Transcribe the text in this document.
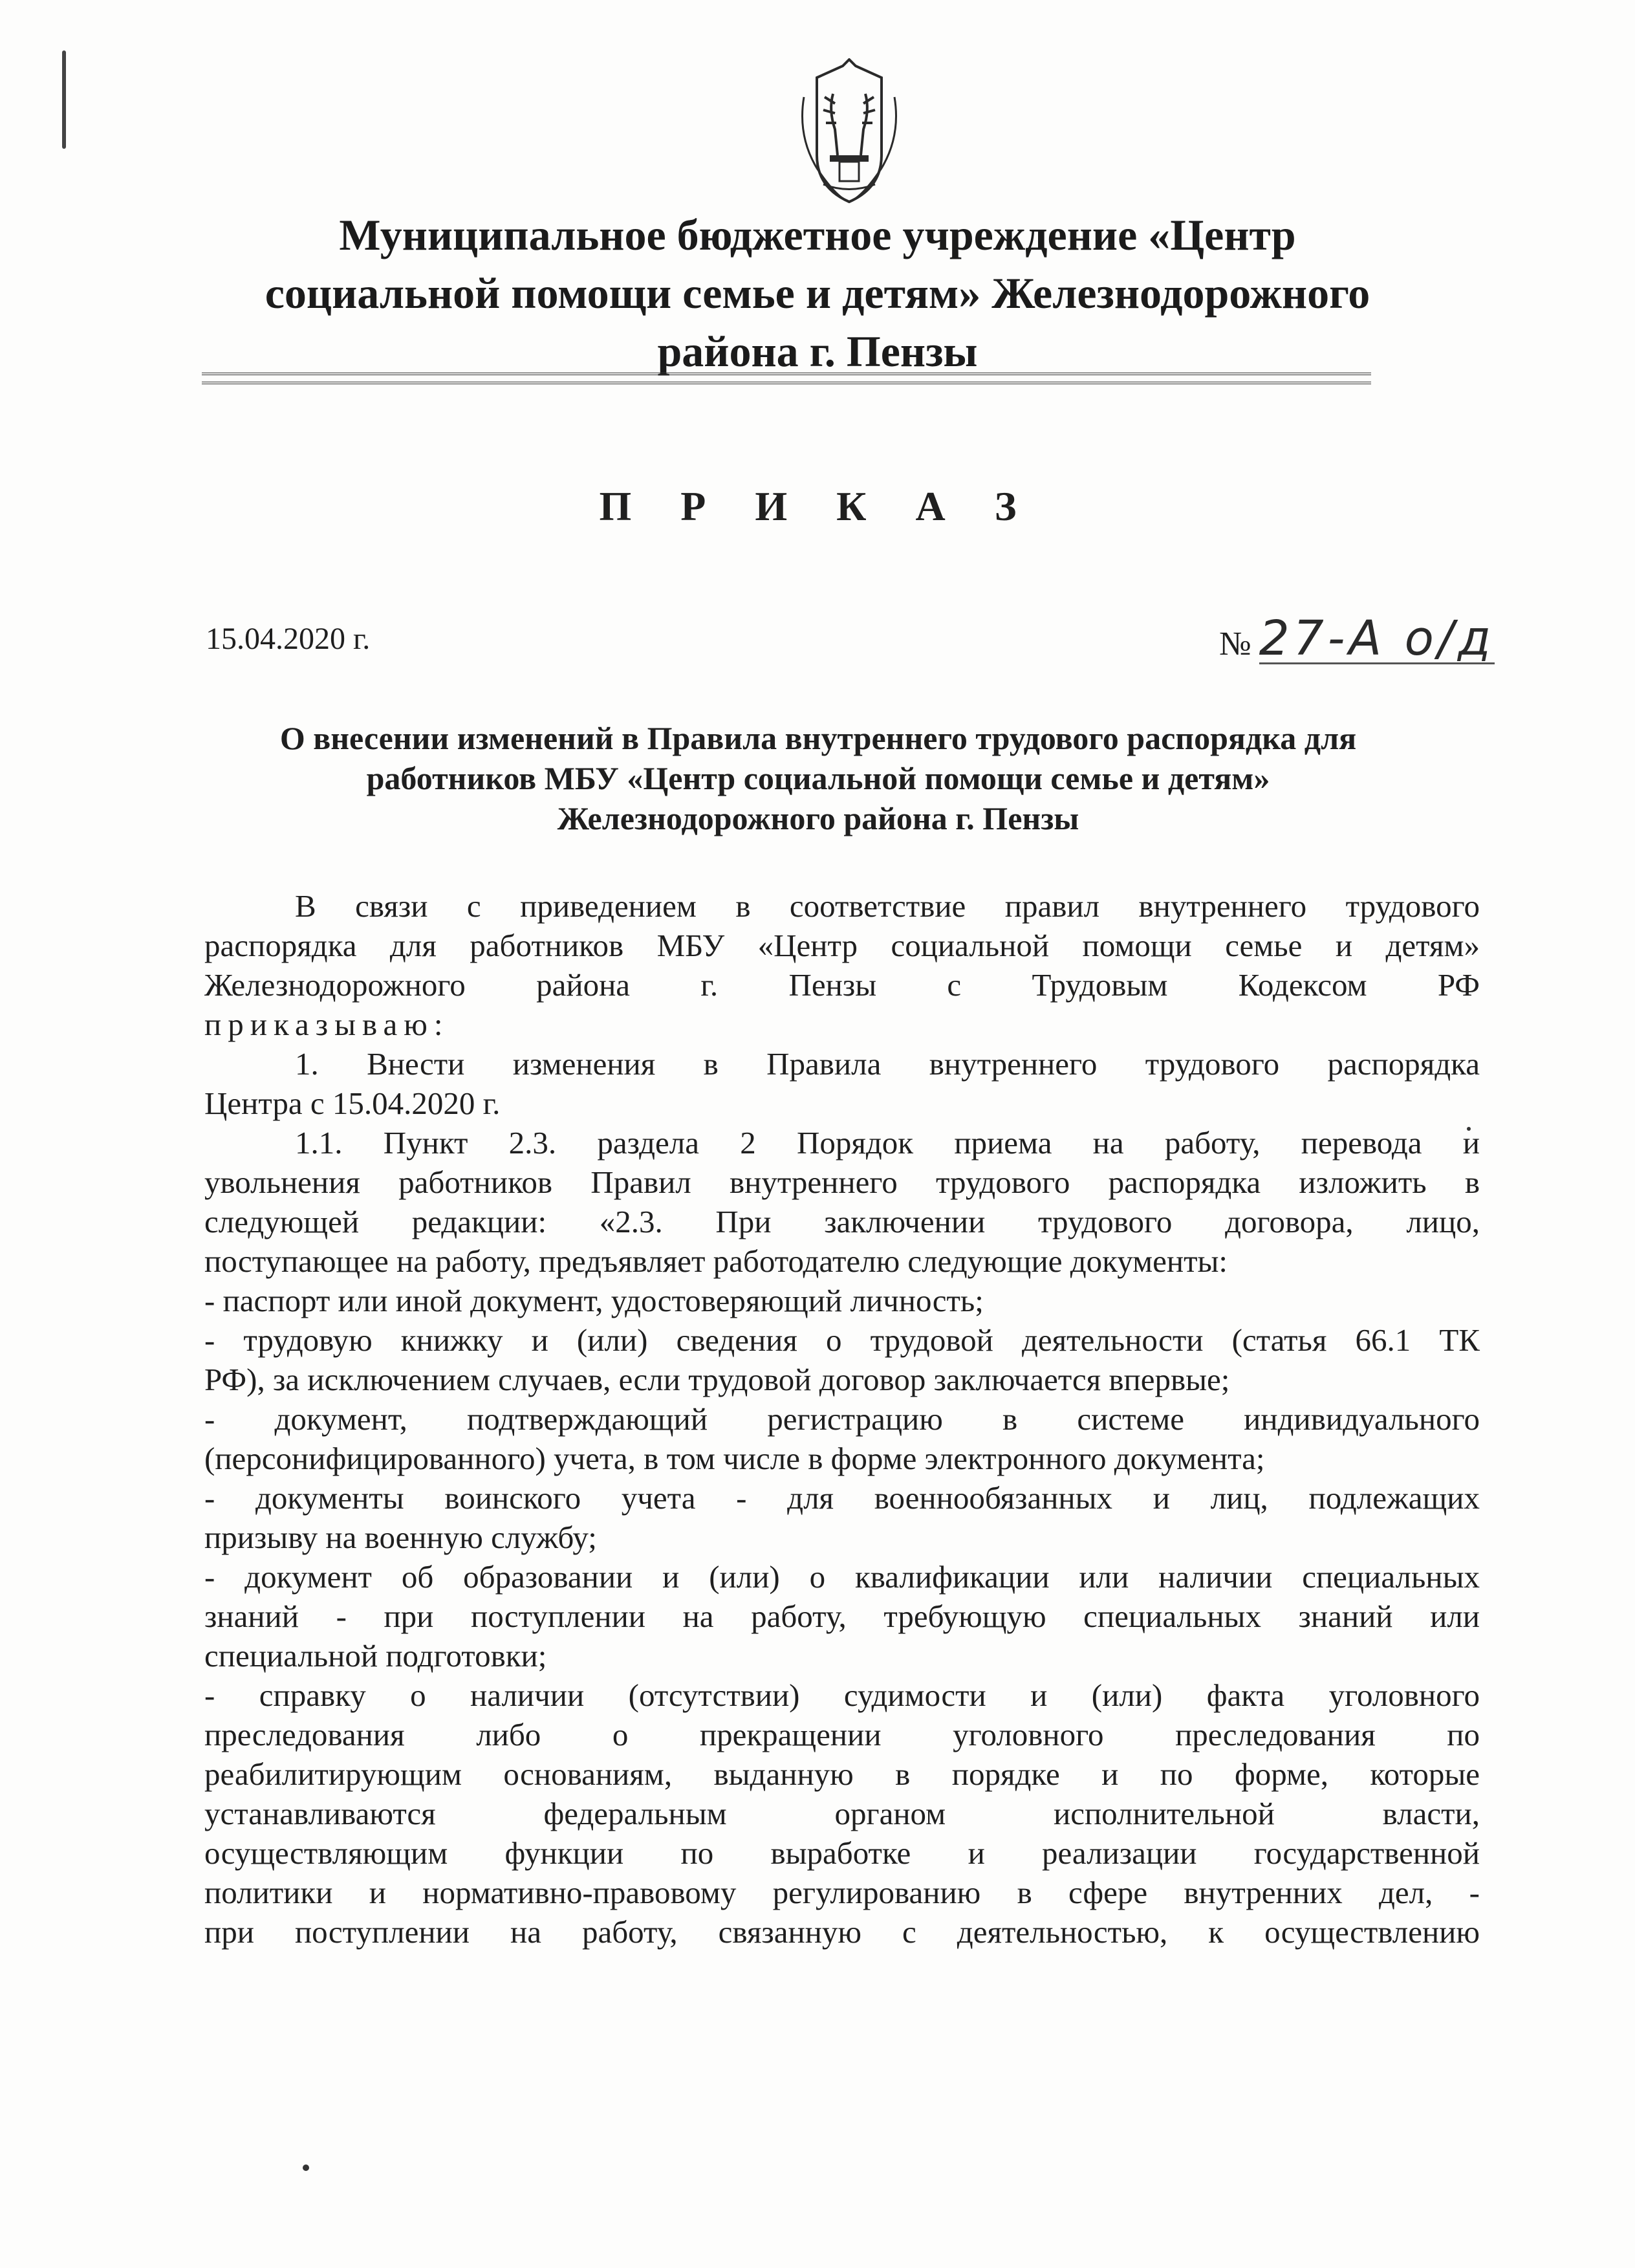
Муниципальное бюджетное учреждение «Центр
социальной помощи семье и детям» Железнодорожного
района г. Пензы
П Р И К А З
15.04.2020 г.	№ 27-А о/д
О внесении изменений в Правила внутреннего трудового распорядка для
работников МБУ «Центр социальной помощи семье и детям»
Железнодорожного района г. Пензы
В связи с приведением в соответствие правил внутреннего трудового
распорядка для работников МБУ «Центр социальной помощи семье и детям»
Железнодорожного района г. Пензы с Трудовым Кодексом РФ
приказываю:
1. Внести изменения в Правила внутреннего трудового распорядка
Центра с 15.04.2020 г.
1.1. Пункт 2.3. раздела 2 Порядок приема на работу, перевода и
увольнения работников Правил внутреннего трудового распорядка изложить в
следующей редакции: «2.3. При заключении трудового договора, лицо,
поступающее на работу, предъявляет работодателю следующие документы:
- паспорт или иной документ, удостоверяющий личность;
- трудовую книжку и (или) сведения о трудовой деятельности (статья 66.1 ТК
РФ), за исключением случаев, если трудовой договор заключается впервые;
- документ, подтверждающий регистрацию в системе индивидуального
(персонифицированного) учета, в том числе в форме электронного документа;
- документы воинского учета - для военнообязанных и лиц, подлежащих
призыву на военную службу;
- документ об образовании и (или) о квалификации или наличии специальных
знаний - при поступлении на работу, требующую специальных знаний или
специальной подготовки;
- справку о наличии (отсутствии) судимости и (или) факта уголовного
преследования либо о прекращении уголовного преследования по
реабилитирующим основаниям, выданную в порядке и по форме, которые
устанавливаются федеральным органом исполнительной власти,
осуществляющим функции по выработке и реализации государственной
политики и нормативно-правовому регулированию в сфере внутренних дел, -
при поступлении на работу, связанную с деятельностью, к осуществлению
